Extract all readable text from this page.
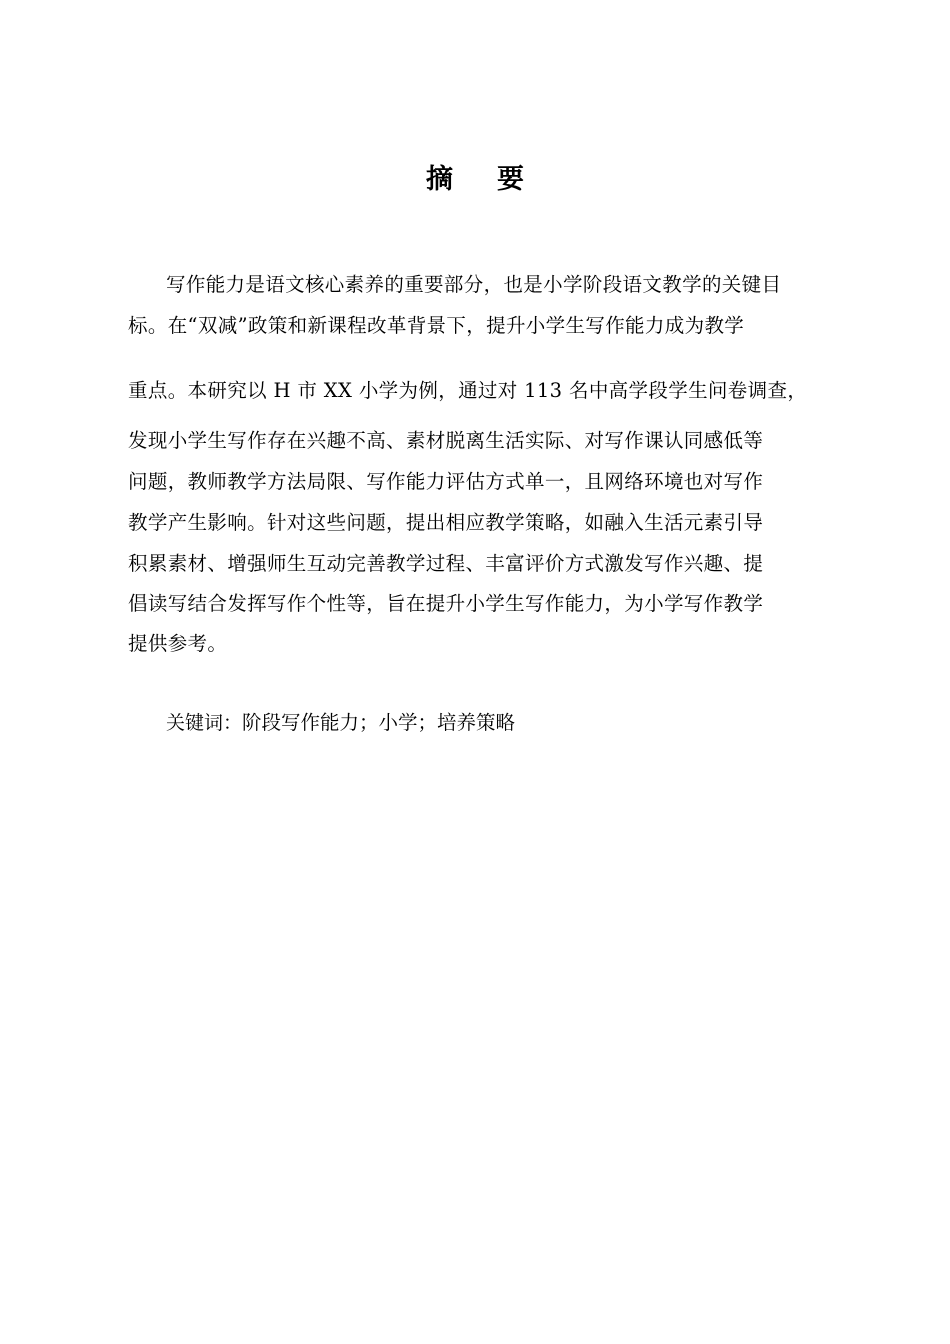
摘 要
写作能力是语文核心素养的重要部分，也是小学阶段语文教学的关键目
标。在“双减”政策和新课程改革背景下，提升小学生写作能力成为教学
重点。本研究以 H 市 XX 小学为例，通过对 113 名中高学段学生问卷调查，
发现小学生写作存在兴趣不高、素材脱离生活实际、对写作课认同感低等
问题，教师教学方法局限、写作能力评估方式单一，且网络环境也对写作
教学产生影响。针对这些问题，提出相应教学策略，如融入生活元素引导
积累素材、增强师生互动完善教学过程、丰富评价方式激发写作兴趣、提
倡读写结合发挥写作个性等，旨在提升小学生写作能力，为小学写作教学
提供参考。
关键词：阶段写作能力；小学；培养策略
